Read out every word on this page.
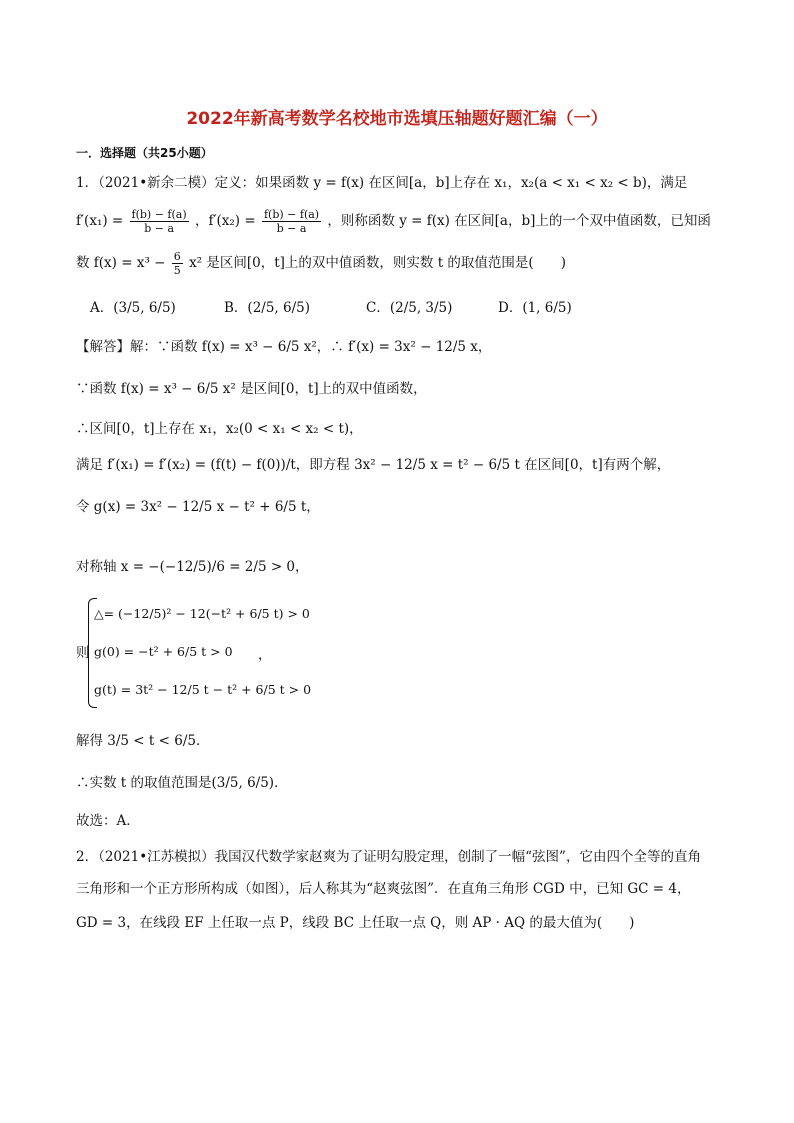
2022年新高考数学名校地市选填压轴题好题汇编（一）
一．选择题（共25小题）
1．（2021•新余二模）定义：如果函数 y = f(x) 在区间[a，b]上存在 x₁，x₂(a < x₁ < x₂ < b)，满足
$f'(x_1) = \frac{f(b) - f(a)}{b - a}$ ，$f'(x_2) = \frac{f(b) - f(a)}{b - a}$ ，则称函数 y = f(x) 在区间[a，b]上的一个双中值函数，已知函
数 $f(x) = x^3 - \frac{6}{5} x^2$ 是区间[0，t]上的双中值函数，则实数 t 的取值范围是(　　)
A．(3/5, 6/5)	B．(2/5, 6/5)	C．(2/5, 3/5)	D．(1, 6/5)
【解答】解：∵函数 f(x) = x³ − 6/5 x²，∴ f′(x) = 3x² − 12/5 x，
∵函数 f(x) = x³ − 6/5 x² 是区间[0，t]上的双中值函数，
∴区间[0，t]上存在 x₁，x₂(0 < x₁ < x₂ < t)，
满足 f′(x₁) = f′(x₂) = (f(t) − f(0))/t，即方程 3x² − 12/5 x = t² − 6/5 t 在区间[0，t]有两个解，
令 g(x) = 3x² − 12/5 x − t² + 6/5 t，
对称轴 x = −(−12/5)/6 = 2/5 > 0，
则
△= (−12/5)² − 12(−t² + 6/5 t) > 0
g(0) = −t² + 6/5 t > 0
g(t) = 3t² − 12/5 t − t² + 6/5 t > 0
，
解得 3/5 < t < 6/5．
∴实数 t 的取值范围是(3/5, 6/5)．
故选：A．
2．（2021•江苏模拟）我国汉代数学家赵爽为了证明勾股定理，创制了一幅“弦图”，它由四个全等的直角
三角形和一个正方形所构成（如图），后人称其为“赵爽弦图”．在直角三角形 CGD 中，已知 GC = 4，
GD = 3，在线段 EF 上任取一点 P，线段 BC 上任取一点 Q，则 AP · AQ 的最大值为(　　)
